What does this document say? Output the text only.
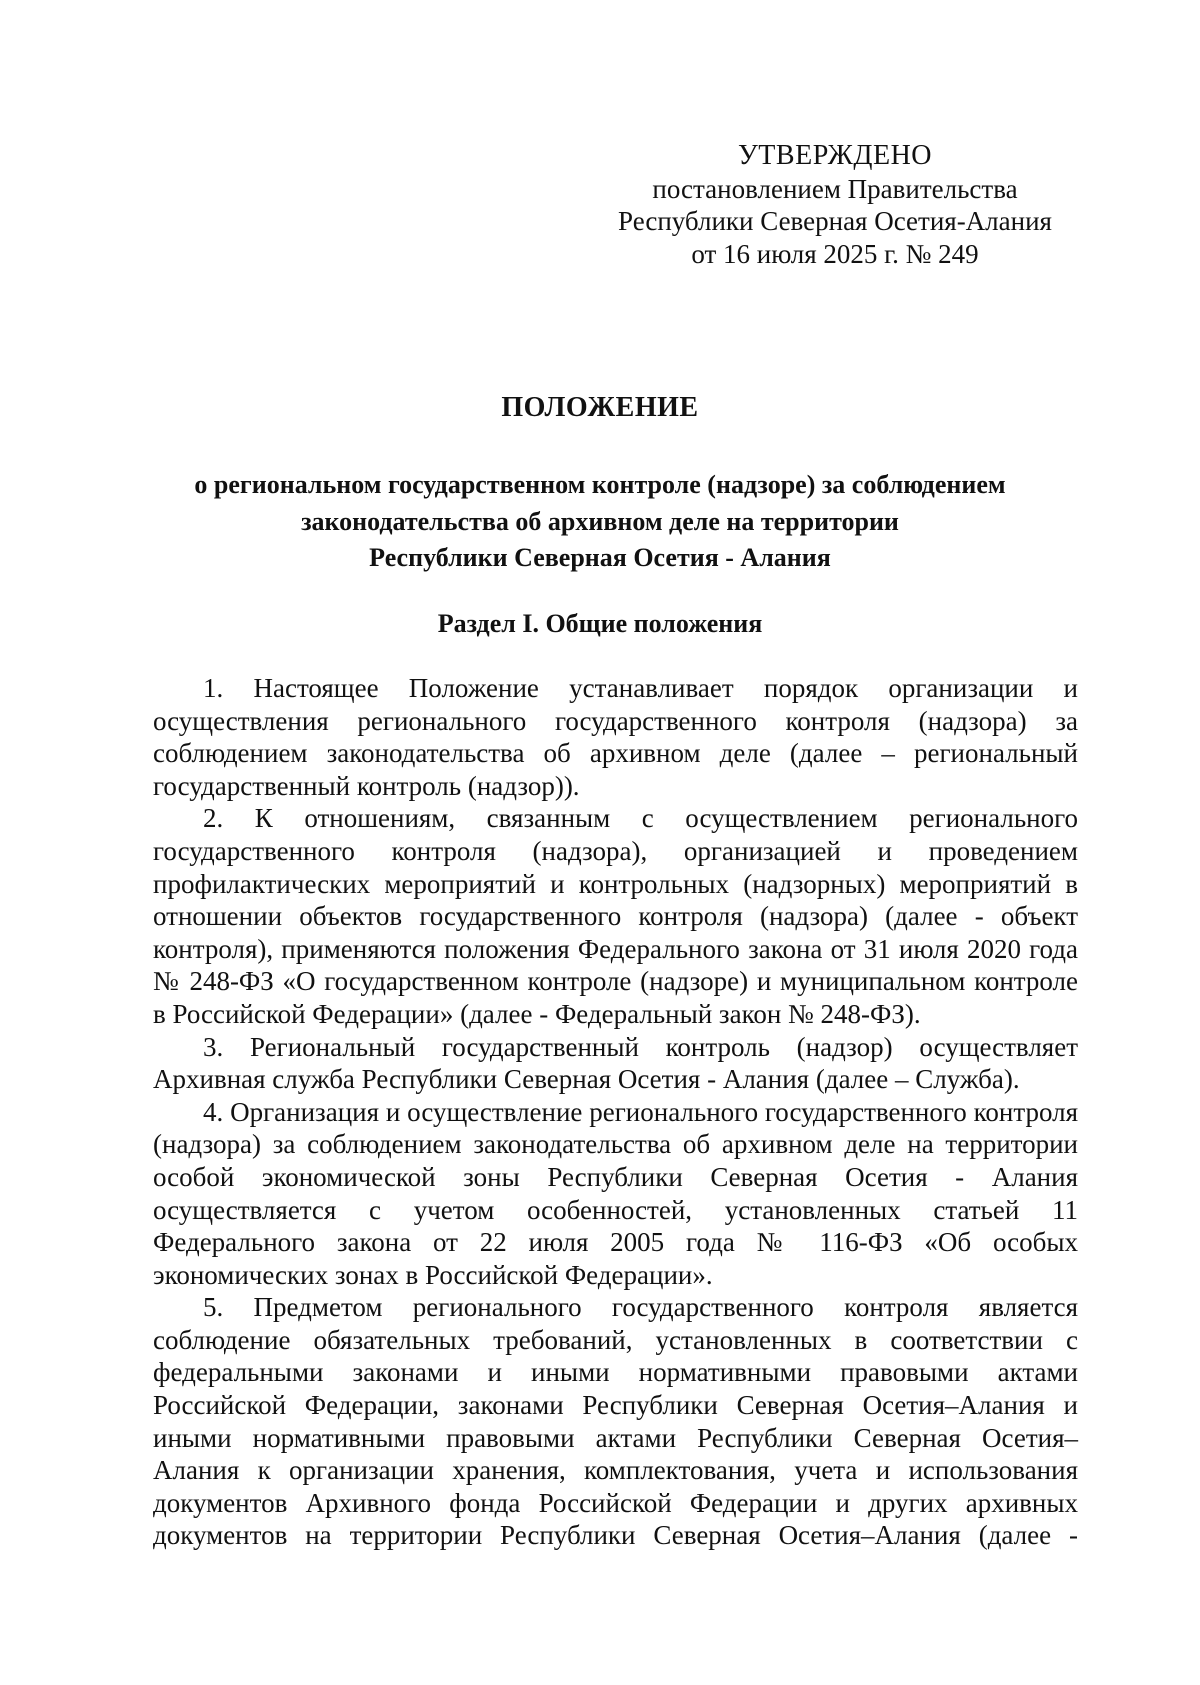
УТВЕРЖДЕНО
постановлением Правительства
Республики Северная Осетия-Алания
от 16 июля 2025 г. № 249
ПОЛОЖЕНИЕ
о региональном государственном контроле (надзоре) за соблюдением
законодательства об архивном деле на территории
Республики Северная Осетия - Алания
Раздел I. Общие положения

1. Настоящее Положение устанавливает порядок организации и осуществления регионального государственного контроля (надзора) за соблюдением законодательства об архивном деле (далее – региональный государственный контроль (надзор)).

2. К отношениям, связанным с осуществлением регионального государственного контроля (надзора), организацией и проведением профилактических мероприятий и контрольных (надзорных) мероприятий в отношении объектов государственного контроля (надзора) (далее - объект контроля), применяются положения Федерального закона от 31 июля 2020 года № 248-ФЗ «О государственном контроле (надзоре) и муниципальном контроле в Российской Федерации» (далее - Федеральный закон № 248-ФЗ).

3. Региональный государственный контроль (надзор) осуществляет Архивная служба Республики Северная Осетия - Алания (далее – Служба).

4. Организация и осуществление регионального государственного контроля (надзора) за соблюдением законодательства об архивном деле на территории особой экономической зоны Республики Северная Осетия - Алания осуществляется с учетом особенностей, установленных статьей 11 Федерального закона от 22 июля 2005 года № 116-ФЗ «Об особых экономических зонах в Российской Федерации».

5. Предметом регионального государственного контроля является соблюдение обязательных требований, установленных в соответствии с федеральными законами и иными нормативными правовыми актами Российской Федерации, законами Республики Северная Осетия–Алания и иными нормативными правовыми актами Республики Северная Осетия–Алания к организации хранения, комплектования, учета и использования документов Архивного фонда Российской Федерации и других архивных документов на территории Республики Северная Осетия–Алания (далее -
